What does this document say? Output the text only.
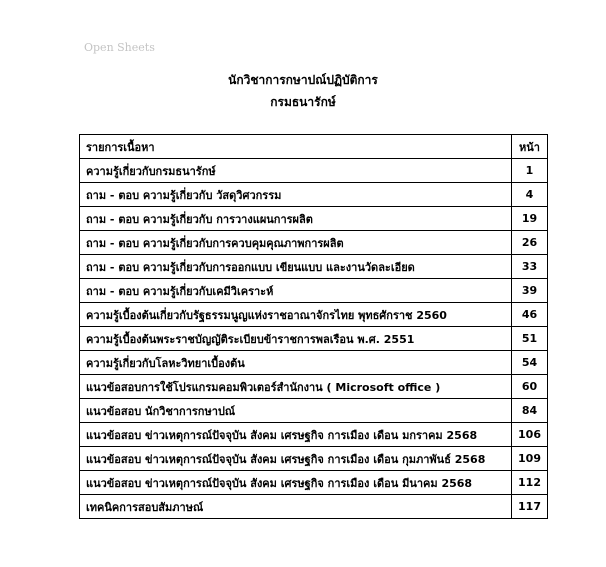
Open Sheets
นักวิชาการกษาปณ์ปฏิบัติการ
กรมธนารักษ์
รายการเนื้อหา	หน้า
ความรู้เกี่ยวกับกรมธนารักษ์	1
ถาม - ตอบ ความรู้เกี่ยวกับ วัสดุวิศวกรรม	4
ถาม - ตอบ ความรู้เกี่ยวกับ การวางแผนการผลิต	19
ถาม - ตอบ ความรู้เกี่ยวกับการควบคุมคุณภาพการผลิต	26
ถาม - ตอบ ความรู้เกี่ยวกับการออกแบบ เขียนแบบ และงานวัดละเอียด	33
ถาม - ตอบ ความรู้เกี่ยวกับเคมีวิเคราะห์	39
ความรู้เบื้องต้นเกี่ยวกับรัฐธรรมนูญแห่งราชอาณาจักรไทย พุทธศักราช 2560	46
ความรู้เบื้องต้นพระราชบัญญัติระเบียบข้าราชการพลเรือน พ.ศ. 2551	51
ความรู้เกี่ยวกับโลหะวิทยาเบื้องต้น	54
แนวข้อสอบการใช้โปรแกรมคอมพิวเตอร์สำนักงาน ( Microsoft office )	60
แนวข้อสอบ นักวิชาการกษาปณ์	84
แนวข้อสอบ ข่าวเหตุการณ์ปัจจุบัน สังคม เศรษฐกิจ การเมือง เดือน มกราคม 2568	106
แนวข้อสอบ ข่าวเหตุการณ์ปัจจุบัน สังคม เศรษฐกิจ การเมือง เดือน กุมภาพันธ์ 2568	109
แนวข้อสอบ ข่าวเหตุการณ์ปัจจุบัน สังคม เศรษฐกิจ การเมือง เดือน มีนาคม 2568	112
เทคนิคการสอบสัมภาษณ์	117
